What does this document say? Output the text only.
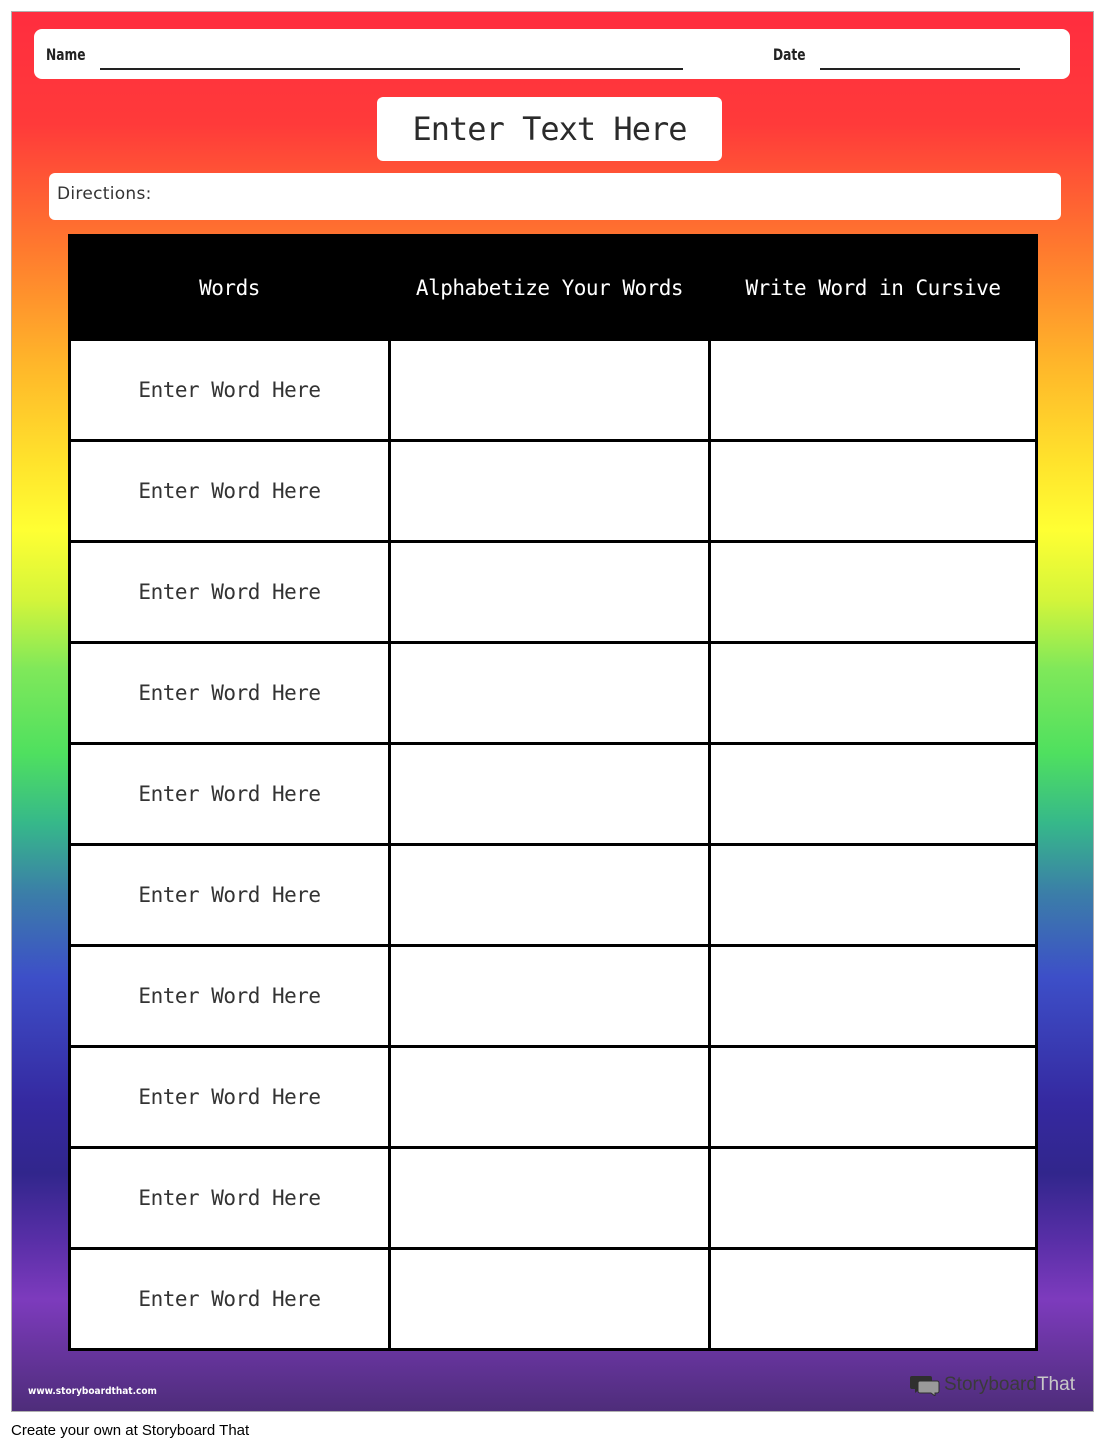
Name	Date
Enter Text Here
Directions:
Words	Alphabetize Your Words	Write Word in Cursive
Enter Word Here		
Enter Word Here		
Enter Word Here		
Enter Word Here		
Enter Word Here		
Enter Word Here		
Enter Word Here		
Enter Word Here		
Enter Word Here		
Enter Word Here		
www.storyboardthat.com	Storyboard That
Create your own at Storyboard That
